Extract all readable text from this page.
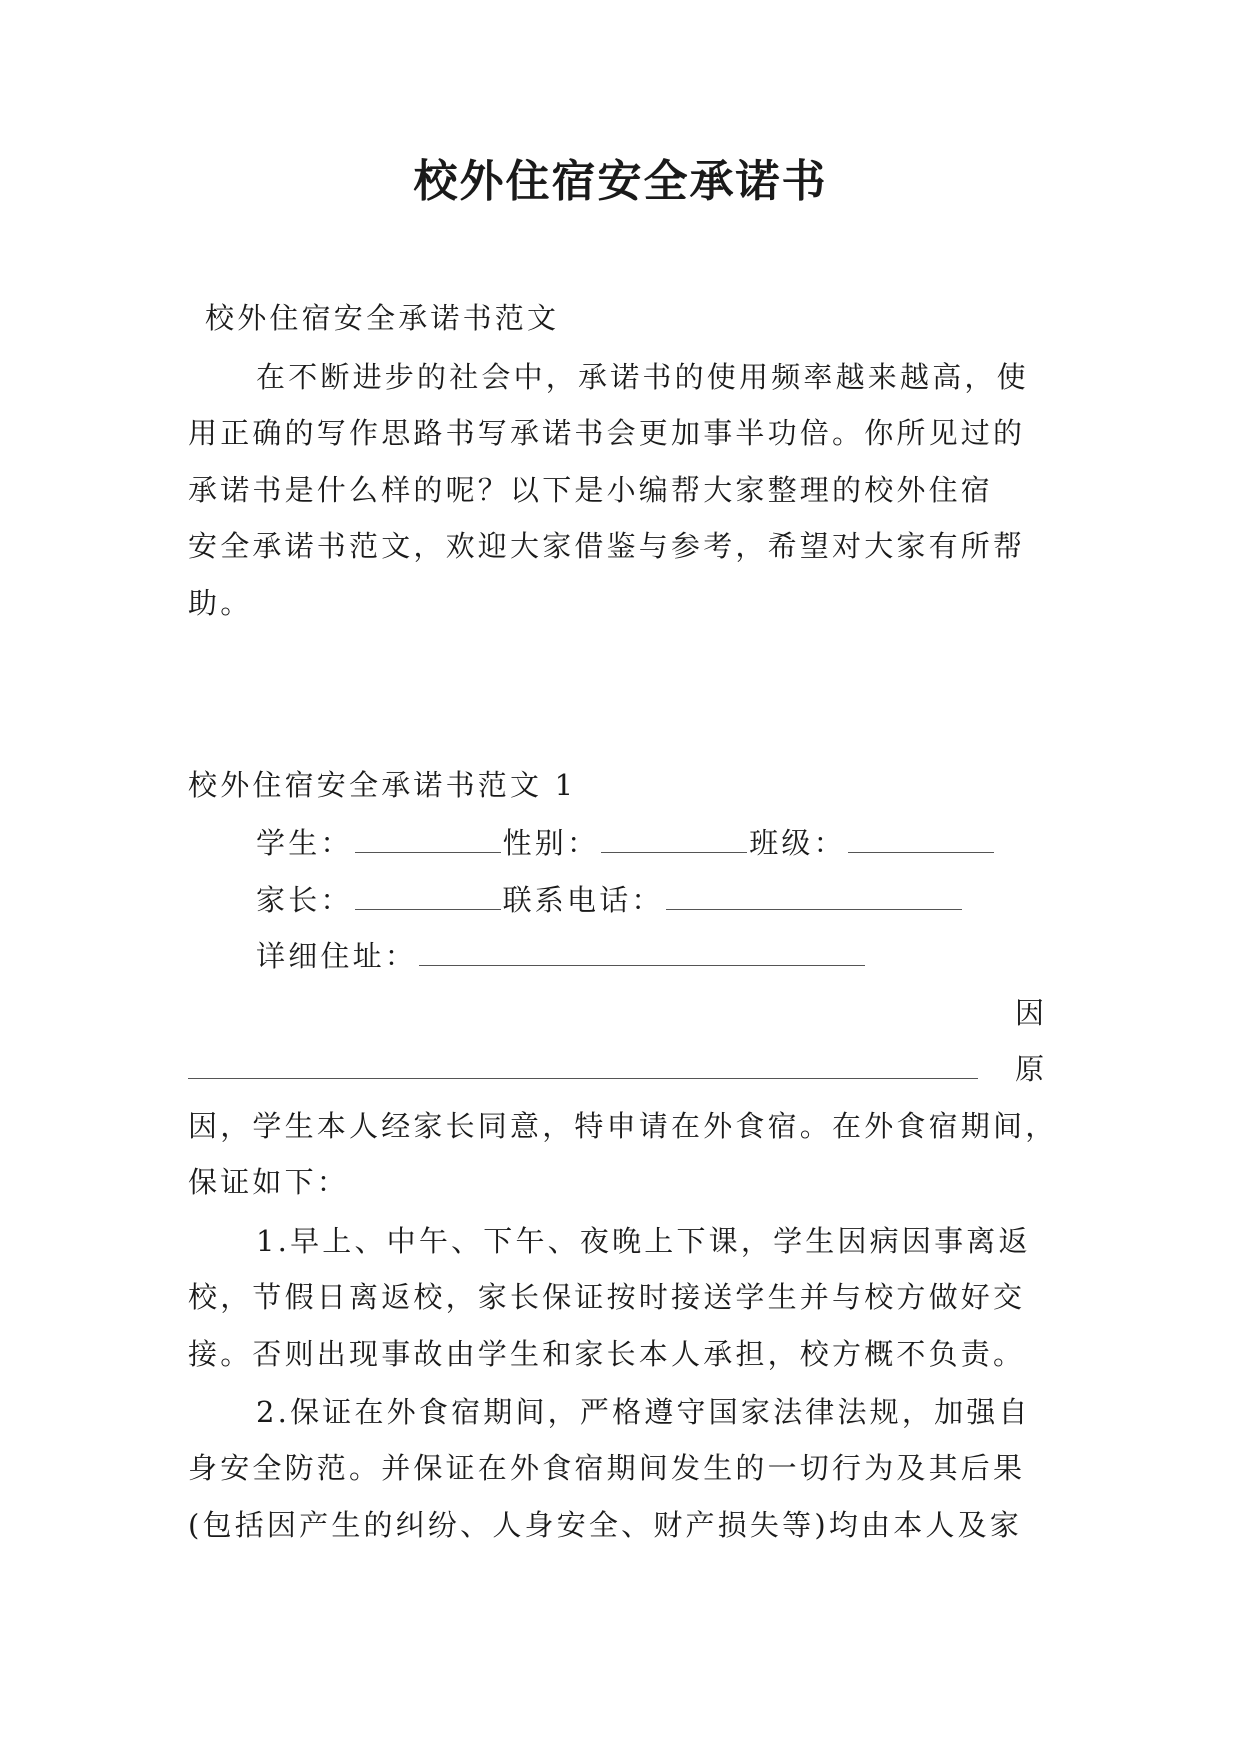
校外住宿安全承诺书
校外住宿安全承诺书范文
在不断进步的社会中，承诺书的使用频率越来越高，使
用正确的写作思路书写承诺书会更加事半功倍。你所见过的
承诺书是什么样的呢？以下是小编帮大家整理的校外住宿
安全承诺书范文，欢迎大家借鉴与参考，希望对大家有所帮
助。
校外住宿安全承诺书范文 1
学生：	性别：	班级：
家长：	联系电话：
详细住址：
因
原
因，学生本人经家长同意，特申请在外食宿。在外食宿期间，
保证如下：
1.早上、中午、下午、夜晚上下课，学生因病因事离返
校，节假日离返校，家长保证按时接送学生并与校方做好交
接。否则出现事故由学生和家长本人承担，校方概不负责。
2.保证在外食宿期间，严格遵守国家法律法规，加强自
身安全防范。并保证在外食宿期间发生的一切行为及其后果
(包括因产生的纠纷、人身安全、财产损失等)均由本人及家
